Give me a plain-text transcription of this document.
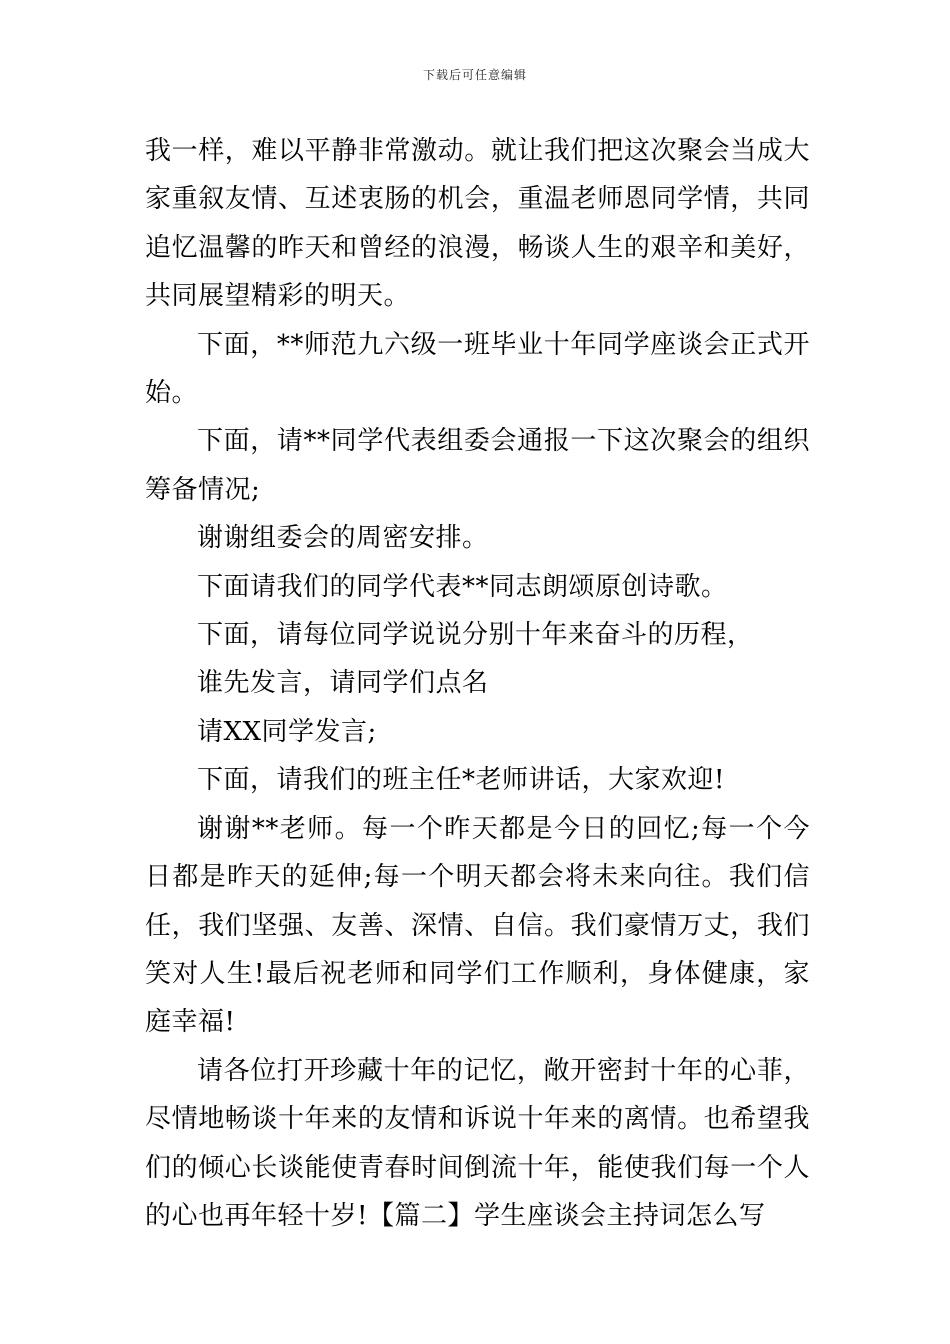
下载后可任意编辑

我一样，难以平静非常激动。就让我们把这次聚会当成大家重叙友情、互述衷肠的机会，重温老师恩同学情，共同追忆温馨的昨天和曾经的浪漫，畅谈人生的艰辛和美好，共同展望精彩的明天。

下面，**师范九六级一班毕业十年同学座谈会正式开始。

下面，请**同学代表组委会通报一下这次聚会的组织筹备情况;

谢谢组委会的周密安排。

下面请我们的同学代表**同志朗颂原创诗歌。

下面，请每位同学说说分别十年来奋斗的历程，

谁先发言，请同学们点名

请XX同学发言;

下面，请我们的班主任*老师讲话，大家欢迎!

谢谢**老师。每一个昨天都是今日的回忆;每一个今日都是昨天的延伸;每一个明天都会将未来向往。我们信任，我们坚强、友善、深情、自信。我们豪情万丈，我们笑对人生!最后祝老师和同学们工作顺利，身体健康，家庭幸福!

请各位打开珍藏十年的记忆，敞开密封十年的心菲，尽情地畅谈十年来的友情和诉说十年来的离情。也希望我们的倾心长谈能使青春时间倒流十年，能使我们每一个人的心也再年轻十岁!【篇二】学生座谈会主持词怎么写
